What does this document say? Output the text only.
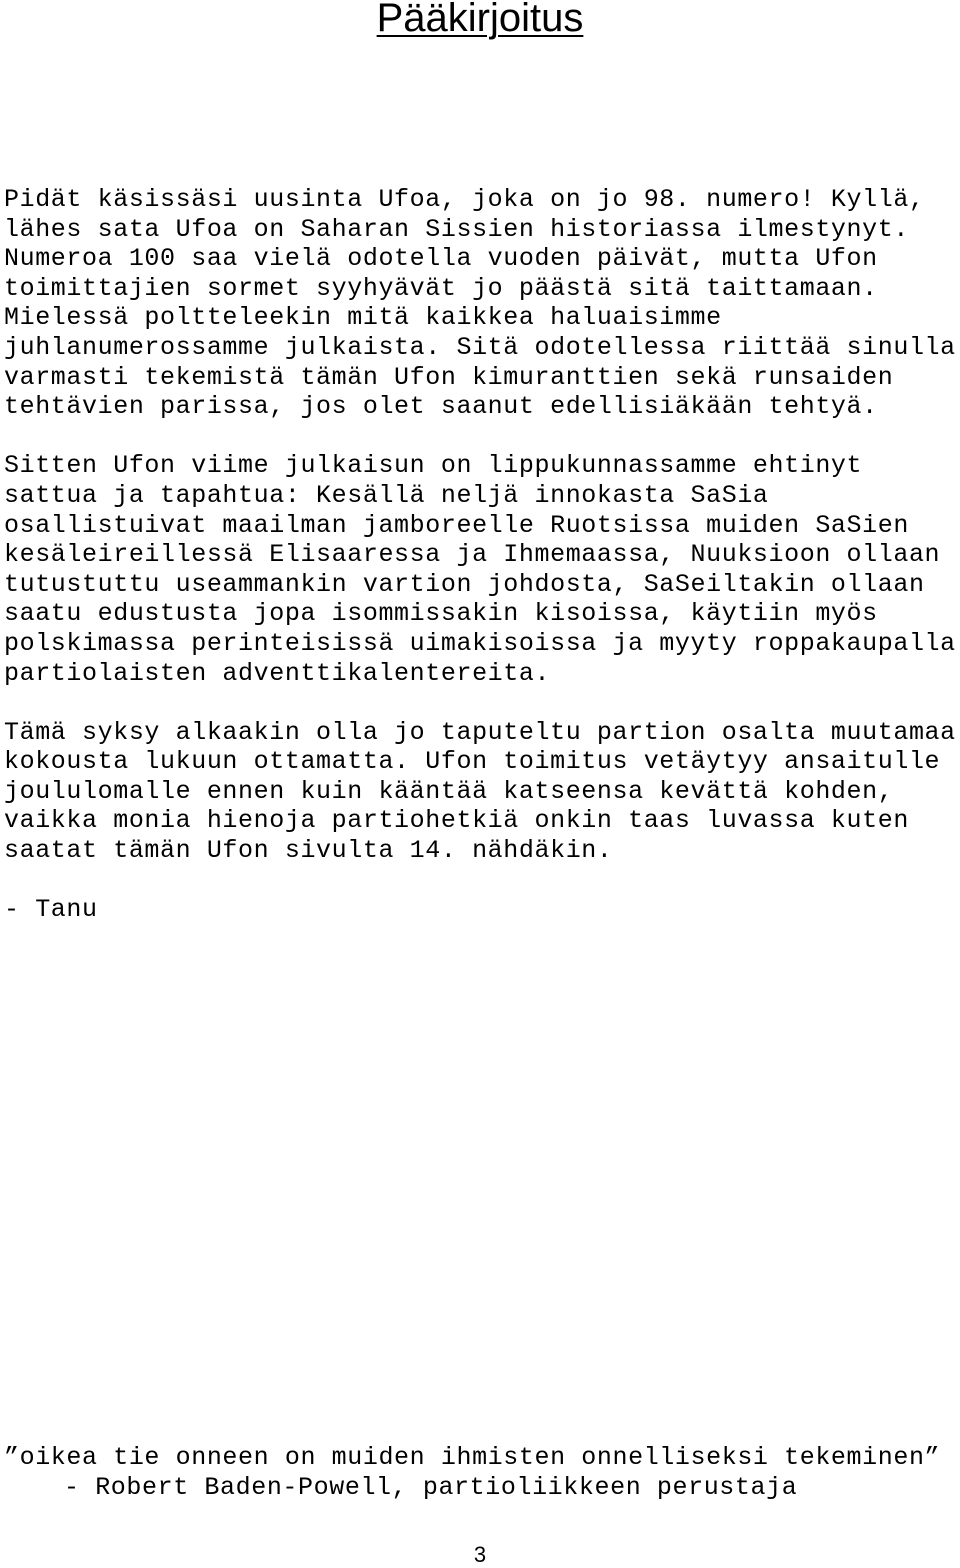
Pääkirjoitus

Pidät käsissäsi uusinta Ufoa, joka on jo 98. numero! Kyllä, lähes sata Ufoa on Saharan Sissien historiassa ilmestynyt. Numeroa 100 saa vielä odotella vuoden päivät, mutta Ufon toimittajien sormet syyhyävät jo päästä sitä taittamaan. Mielessä poltteleekin mitä kaikkea haluaisimme juhlanumerossamme julkaista. Sitä odotellessa riittää sinulla varmasti tekemistä tämän Ufon kimuranttien sekä runsaiden tehtävien parissa, jos olet saanut edellisiäkään tehtyä.

Sitten Ufon viime julkaisun on lippukunnassamme ehtinyt sattua ja tapahtua: Kesällä neljä innokasta SaSia osallistuivat maailman jamboreelle Ruotsissa muiden SaSien kesäleireillessä Elisaaressa ja Ihmemaassa, Nuuksioon ollaan tutustuttu useammankin vartion johdosta, SaSeiltakin ollaan saatu edustusta jopa isommissakin kisoissa, käytiin myös polskimassa perinteisissä uimakisoissa ja myyty roppakaupalla partiolaisten adventtikalentereita.

Tämä syksy alkaakin olla jo taputeltu partion osalta muutamaa kokousta lukuun ottamatta. Ufon toimitus vetäytyy ansaitulle joululomalle ennen kuin kääntää katseensa kevättä kohden, vaikka monia hienoja partiohetkiä onkin taas luvassa kuten saatat tämän Ufon sivulta 14. nähdäkin.

- Tanu

”oikea tie onneen on muiden ihmisten onnelliseksi tekeminen”
- Robert Baden-Powell, partioliikkeen perustaja
3
